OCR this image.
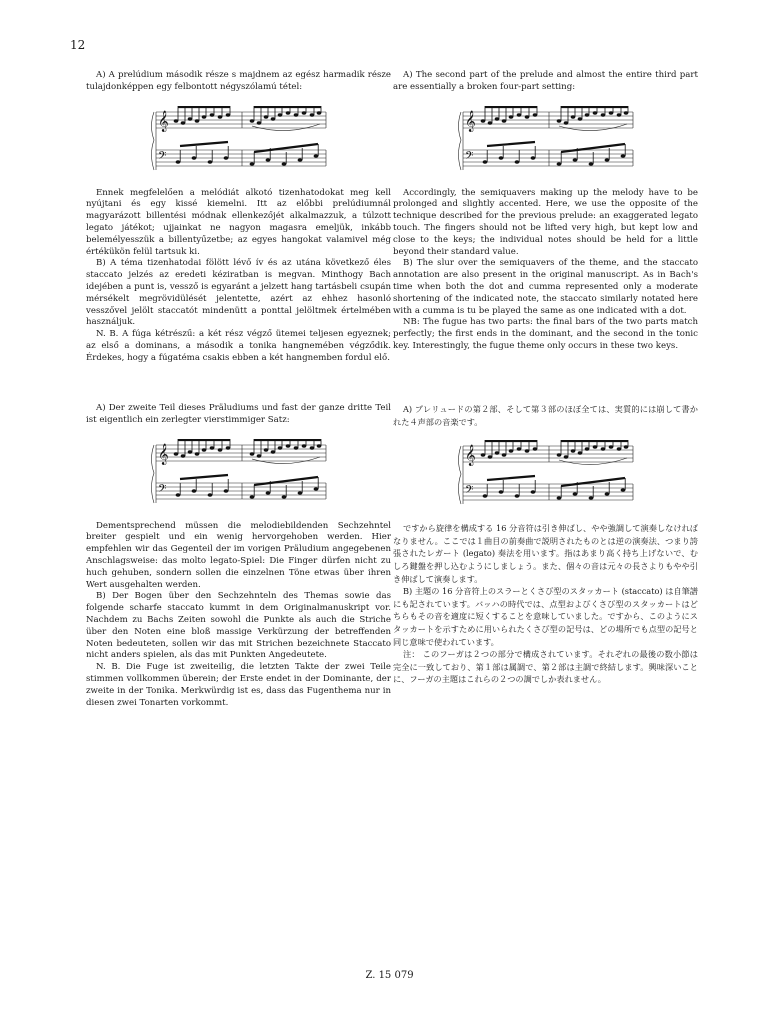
12

A) A prelúdium második része s majdnem az egész harmadik része tulajdonképpen egy felbontott négyszólamú tétel:

𝄞
𝄢

Ennek megfelelően a melódiát alkotó tizenhatodokat meg kell nyújtani és egy kissé kiemelni. Itt az előbbi prelúdiumnál magyarázott billentési módnak ellenkezőjét alkalmazzuk, a túlzott legato játékot; ujjainkat ne nagyon magasra emeljük, inkább belemélyesszük a billentyűzetbe; az egyes hangokat valamivel még értékükön felül tartsuk ki.

B) A téma tizenhatodai fölött lévő ív és az utána következő éles staccato jelzés az eredeti kéziratban is megvan. Minthogy Bach idejében a punt is, vessző is egyaránt a jelzett hang tartásbeli csupán mérsékelt megrövidülését jelentette, azért az ehhez hasonló vesszővel jelölt staccatót mindenütt a ponttal jelöltmek értelmében használjuk.

N. B. A fúga kétrészű: a két rész végző ütemei teljesen egyeznek; az első a dominans, a második a tonika hangnemében végződik. Érdekes, hogy a fúgatéma csakis ebben a két hangnemben fordul elő.

A) The second part of the prelude and almost the entire third part are essentially a broken four-part setting:

𝄞
𝄢

Accordingly, the semiquavers making up the melody have to be prolonged and slightly accented. Here, we use the opposite of the technique described for the previous prelude: an exaggerated legato touch. The fingers should not be lifted very high, but kept low and close to the keys; the individual notes should be held for a little beyond their standard value.

B) The slur over the semiquavers of the theme, and the staccato annotation are also present in the original manuscript. As in Bach's time when both the dot and cumma represented only a moderate shortening of the indicated note, the staccato similarly notated here with a cumma is tu be played the same as one indicated with a dot.

NB: The fugue has two parts: the final bars of the two parts match perfectly; the first ends in the dominant, and the second in the tonic key. Interestingly, the fugue theme only occurs in these two keys.

A) Der zweite Teil dieses Präludiums und fast der ganze dritte Teil ist eigentlich ein zerlegter vierstimmiger Satz:

𝄞
𝄢

Dementsprechend müssen die melodiebildenden Sechzehntel breiter gespielt und ein wenig hervorgehoben werden. Hier empfehlen wir das Gegenteil der im vorigen Präludium angegebenen Anschlagsweise: das molto legato-Spiel: Die Finger dürfen nicht zu huch gehuben, sondern sollen die einzelnen Töne etwas über ihren Wert ausgehalten werden.

B) Der Bogen über den Sechzehnteln des Themas sowie das folgende scharfe staccato kummt in dem Originalmanuskript vor. Nachdem zu Bachs Zeiten sowohl die Punkte als auch die Striche über den Noten eine bloß massige Verkürzung der betreffenden Noten bedeuteten, sollen wir das mit Strichen bezeichnete Staccato nicht anders spielen, als das mit Punkten Angedeutete.

N. B. Die Fuge ist zweiteilig, die letzten Takte der zwei Teile stimmen vollkommen überein; der Erste endet in der Dominante, der zweite in der Tonika. Merkwürdig ist es, dass das Fugenthema nur in diesen zwei Tonarten vorkommt.

A) プレリュードの第２部、そして第３部のほぼ全ては、実質的には崩して書かれた４声部の音楽です。

𝄞
𝄢

ですから旋律を構成する 16 分音符は引き伸ばし、やや強調して演奏しなければなりません。ここでは１曲目の前奏曲で説明されたものとは逆の演奏法、つまり誇張されたレガート (legato) 奏法を用います。指はあまり高く持ち上げないで、むしろ鍵盤を押し込むようにしましょう。また、個々の音は元々の長さよりもやや引き伸ばして演奏します。

B) 主題の 16 分音符上のスラーとくさび型のスタッカート (staccato) は自筆譜にも記されています。バッハの時代では、点型およびくさび型のスタッカートはどちらもその音を適度に短くすることを意味していました。ですから、このようにスタッカートを示すために用いられたくさび型の記号は、どの場所でも点型の記号と同じ意味で使われています。

注： このフーガは２つの部分で構成されています。それぞれの最後の数小節は完全に一致しており、第１部は属調で、第２部は主調で終結します。興味深いことに、フーガの主題はこれらの２つの調でしか表れません。

Z. 15 079
